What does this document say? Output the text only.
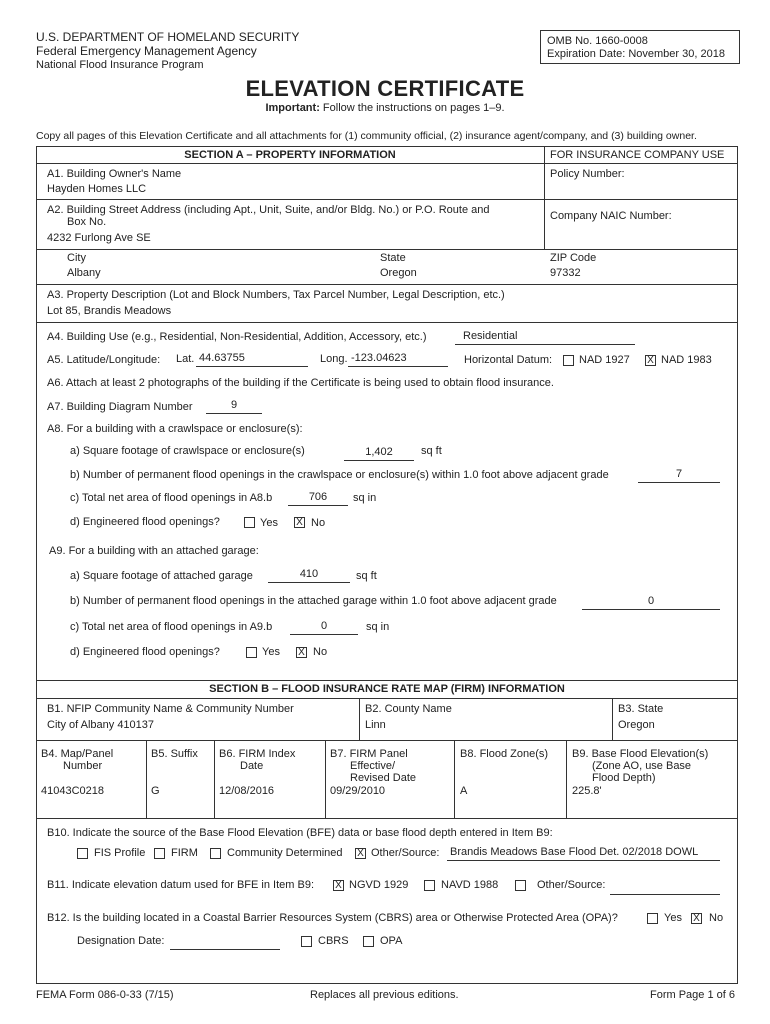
U.S. DEPARTMENT OF HOMELAND SECURITY
Federal Emergency Management Agency
National Flood Insurance Program
OMB No. 1660-0008
Expiration Date: November 30, 2018
ELEVATION CERTIFICATE
Important: Follow the instructions on pages 1–9.
Copy all pages of this Elevation Certificate and all attachments for (1) community official, (2) insurance agent/company, and (3) building owner.
SECTION A – PROPERTY INFORMATION	FOR INSURANCE COMPANY USE
A1. Building Owner's Name
Hayden Homes LLC
Policy Number:
A2. Building Street Address (including Apt., Unit, Suite, and/or Bldg. No.) or P.O. Route and
Box No.
4232 Furlong Ave SE
Company NAIC Number:
City
Albany
State
Oregon
ZIP Code
97332
A3. Property Description (Lot and Block Numbers, Tax Parcel Number, Legal Description, etc.)
Lot 85, Brandis Meadows
A4. Building Use (e.g., Residential, Non-Residential, Addition, Accessory, etc.)	Residential
A5. Latitude/Longitude: Lat. 44.63755	Long. -123.04623	Horizontal Datum: NAD 1927 X NAD 1983
A6. Attach at least 2 photographs of the building if the Certificate is being used to obtain flood insurance.
A7. Building Diagram Number	9
A8. For a building with a crawlspace or enclosure(s):
a) Square footage of crawlspace or enclosure(s)	1,402	sq ft
b) Number of permanent flood openings in the crawlspace or enclosure(s) within 1.0 foot above adjacent grade	7
c) Total net area of flood openings in A8.b	706	sq in
d) Engineered flood openings?	Yes X No
A9. For a building with an attached garage:
a) Square footage of attached garage	410	sq ft
b) Number of permanent flood openings in the attached garage within 1.0 foot above adjacent grade	0
c) Total net area of flood openings in A9.b	0	sq in
d) Engineered flood openings?	Yes X No
SECTION B – FLOOD INSURANCE RATE MAP (FIRM) INFORMATION
B1. NFIP Community Name & Community Number
City of Albany 410137
B2. County Name
Linn
B3. State
Oregon
B4. Map/Panel
Number
41043C0218
B5. Suffix
G
B6. FIRM Index
Date
12/08/2016
B7. FIRM Panel
Effective/
Revised Date
09/29/2010
B8. Flood Zone(s)
A
B9. Base Flood Elevation(s)
(Zone AO, use Base
Flood Depth)
225.8'
B10. Indicate the source of the Base Flood Elevation (BFE) data or base flood depth entered in Item B9:
FIS Profile FIRM	Community Determined X Other/Source: Brandis Meadows Base Flood Det. 02/2018 DOWL
B11. Indicate elevation datum used for BFE in Item B9: X NGVD 1929	NAVD 1988	Other/Source:
B12. Is the building located in a Coastal Barrier Resources System (CBRS) area or Otherwise Protected Area (OPA)?	Yes X No
Designation Date:	CBRS	OPA
FEMA Form 086-0-33 (7/15)	Replaces all previous editions.	Form Page 1 of 6
